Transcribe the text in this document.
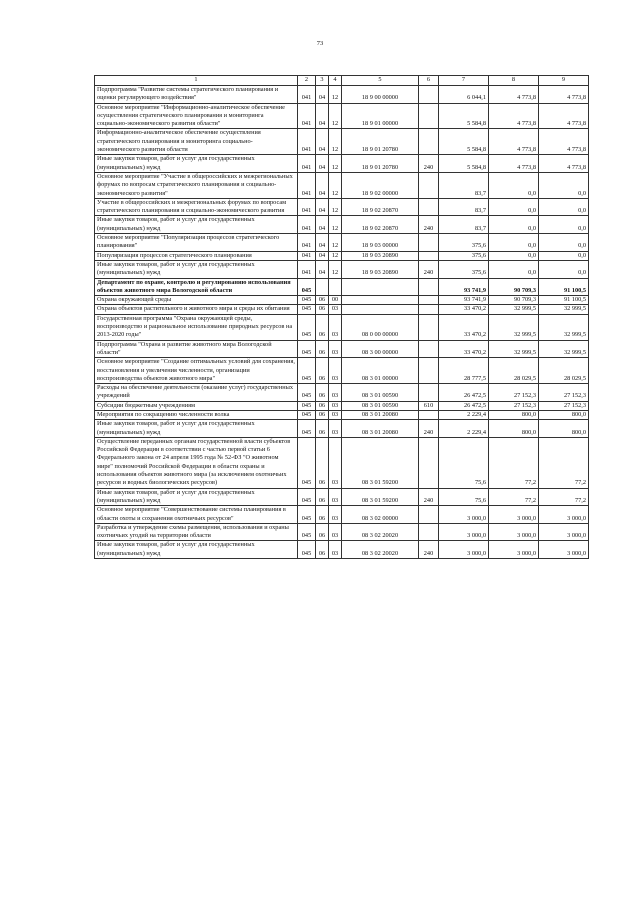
73
1	2	3	4	5	6	7	8	9
Подпрограмма "Развитие системы стратегического планирования и оценки регулирующего воздействия"	041	04	12	18 9 00 00000		6 044,1	4 773,8	4 773,8
Основное мероприятие "Информационно-аналитическое обеспечение осуществления стратегического планирования и мониторинга социально-экономического развития области"	041	04	12	18 9 01 00000		5 584,8	4 773,8	4 773,8
Информационно-аналитическое обеспечение осуществления стратегического планирования и мониторинга социально-экономического развития области	041	04	12	18 9 01 20780		5 584,8	4 773,8	4 773,8
Иные закупки товаров, работ и услуг для государственных (муниципальных) нужд	041	04	12	18 9 01 20780	240	5 584,8	4 773,8	4 773,8
Основное мероприятие "Участие в общероссийских и межрегиональных форумах по вопросам стратегического планирования и социально-экономического развития"	041	04	12	18 9 02 00000		83,7	0,0	0,0
Участие в общероссийских и межрегиональных форумах по вопросам стратегического планирования и социально-экономического развития	041	04	12	18 9 02 20870		83,7	0,0	0,0
Иные закупки товаров, работ и услуг для государственных (муниципальных) нужд	041	04	12	18 9 02 20870	240	83,7	0,0	0,0
Основное мероприятие "Популяризация процессов стратегического планирования"	041	04	12	18 9 03 00000		375,6	0,0	0,0
Популяризация процессов стратегического планирования	041	04	12	18 9 03 20890		375,6	0,0	0,0
Иные закупки товаров, работ и услуг для государственных (муниципальных) нужд	041	04	12	18 9 03 20890	240	375,6	0,0	0,0
Департамент по охране, контролю и регулированию использования объектов животного мира Вологодской области	045					93 741,9	90 709,3	91 100,5
Охрана окружающей среды	045	06	00			93 741,9	90 709,3	91 100,5
Охрана объектов растительного и животного мира и среды их обитания	045	06	03			33 470,2	32 999,5	32 999,5
Государственная программа "Охрана окружающей среды, воспроизводство и рациональное использование природных ресурсов на 2013-2020 годы"	045	06	03	08 0 00 00000		33 470,2	32 999,5	32 999,5
Подпрограмма "Охрана и развитие животного мира Вологодской области"	045	06	03	08 3 00 00000		33 470,2	32 999,5	32 999,5
Основное мероприятие "Создание оптимальных условий для сохранения, восстановления и увеличения численности, организации воспроизводства объектов животного мира"	045	06	03	08 3 01 00000		28 777,5	28 029,5	28 029,5
Расходы на обеспечение деятельности (оказание услуг) государственных учреждений	045	06	03	08 3 01 00590		26 472,5	27 152,3	27 152,3
Субсидии бюджетным учреждениям	045	06	03	08 3 01 00590	610	26 472,5	27 152,3	27 152,3
Мероприятия по сокращению численности волка	045	06	03	08 3 01 20080		2 229,4	800,0	800,0
Иные закупки товаров, работ и услуг для государственных (муниципальных) нужд	045	06	03	08 3 01 20080	240	2 229,4	800,0	800,0
Осуществление переданных органам государственной власти субъектов Российской Федерации в соответствии с частью первой статьи 6 Федерального закона от 24 апреля 1995 года № 52-ФЗ "О животном мире" полномочий Российской Федерации в области охраны и использования объектов животного мира (за исключением охотничьих ресурсов и водных биологических ресурсов)	045	06	03	08 3 01 59200		75,6	77,2	77,2
Иные закупки товаров, работ и услуг для государственных (муниципальных) нужд	045	06	03	08 3 01 59200	240	75,6	77,2	77,2
Основное мероприятие "Совершенствование системы планирования в области охоты и сохранения охотничьих ресурсов"	045	06	03	08 3 02 00000		3 000,0	3 000,0	3 000,0
Разработка и утверждение схемы размещения, использования и охраны охотничьих угодий на территории области	045	06	03	08 3 02 20020		3 000,0	3 000,0	3 000,0
Иные закупки товаров, работ и услуг для государственных (муниципальных) нужд	045	06	03	08 3 02 20020	240	3 000,0	3 000,0	3 000,0
